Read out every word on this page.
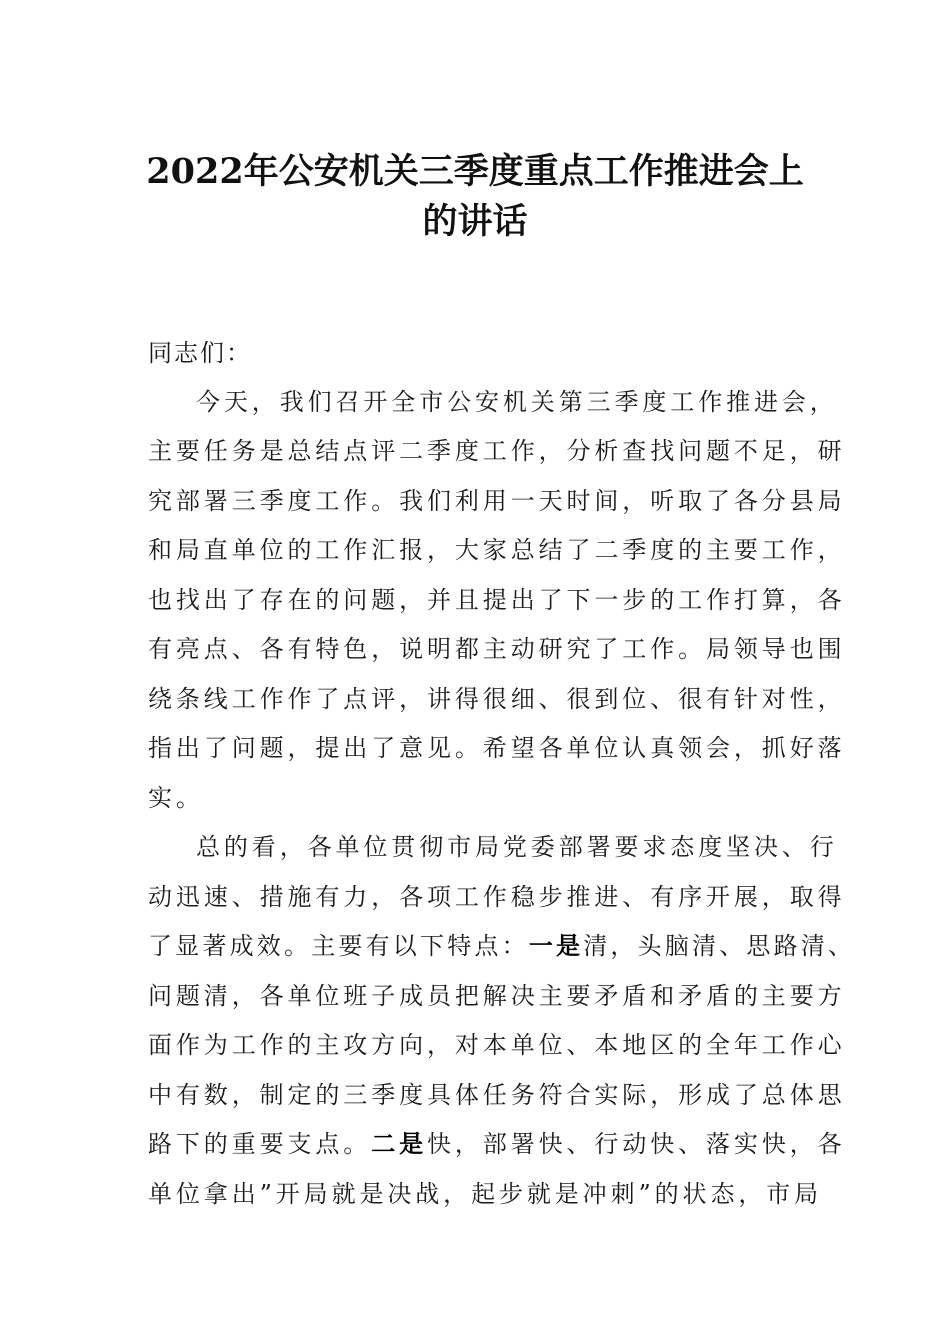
2022年公安机关三季度重点工作推进会上
的讲话
同志们：
今天，我们召开全市公安机关第三季度工作推进会，
主要任务是总结点评二季度工作，分析查找问题不足，研
究部署三季度工作。我们利用一天时间，听取了各分县局
和局直单位的工作汇报，大家总结了二季度的主要工作，
也找出了存在的问题，并且提出了下一步的工作打算，各
有亮点、各有特色，说明都主动研究了工作。局领导也围
绕条线工作作了点评，讲得很细、很到位、很有针对性，
指出了问题，提出了意见。希望各单位认真领会，抓好落
实。
总的看，各单位贯彻市局党委部署要求态度坚决、行
动迅速、措施有力，各项工作稳步推进、有序开展，取得
了显著成效。主要有以下特点：一是清，头脑清、思路清、
问题清，各单位班子成员把解决主要矛盾和矛盾的主要方
面作为工作的主攻方向，对本单位、本地区的全年工作心
中有数，制定的三季度具体任务符合实际，形成了总体思
路下的重要支点。二是快，部署快、行动快、落实快，各
单位拿出”开局就是决战，起步就是冲刺”的状态，市局
